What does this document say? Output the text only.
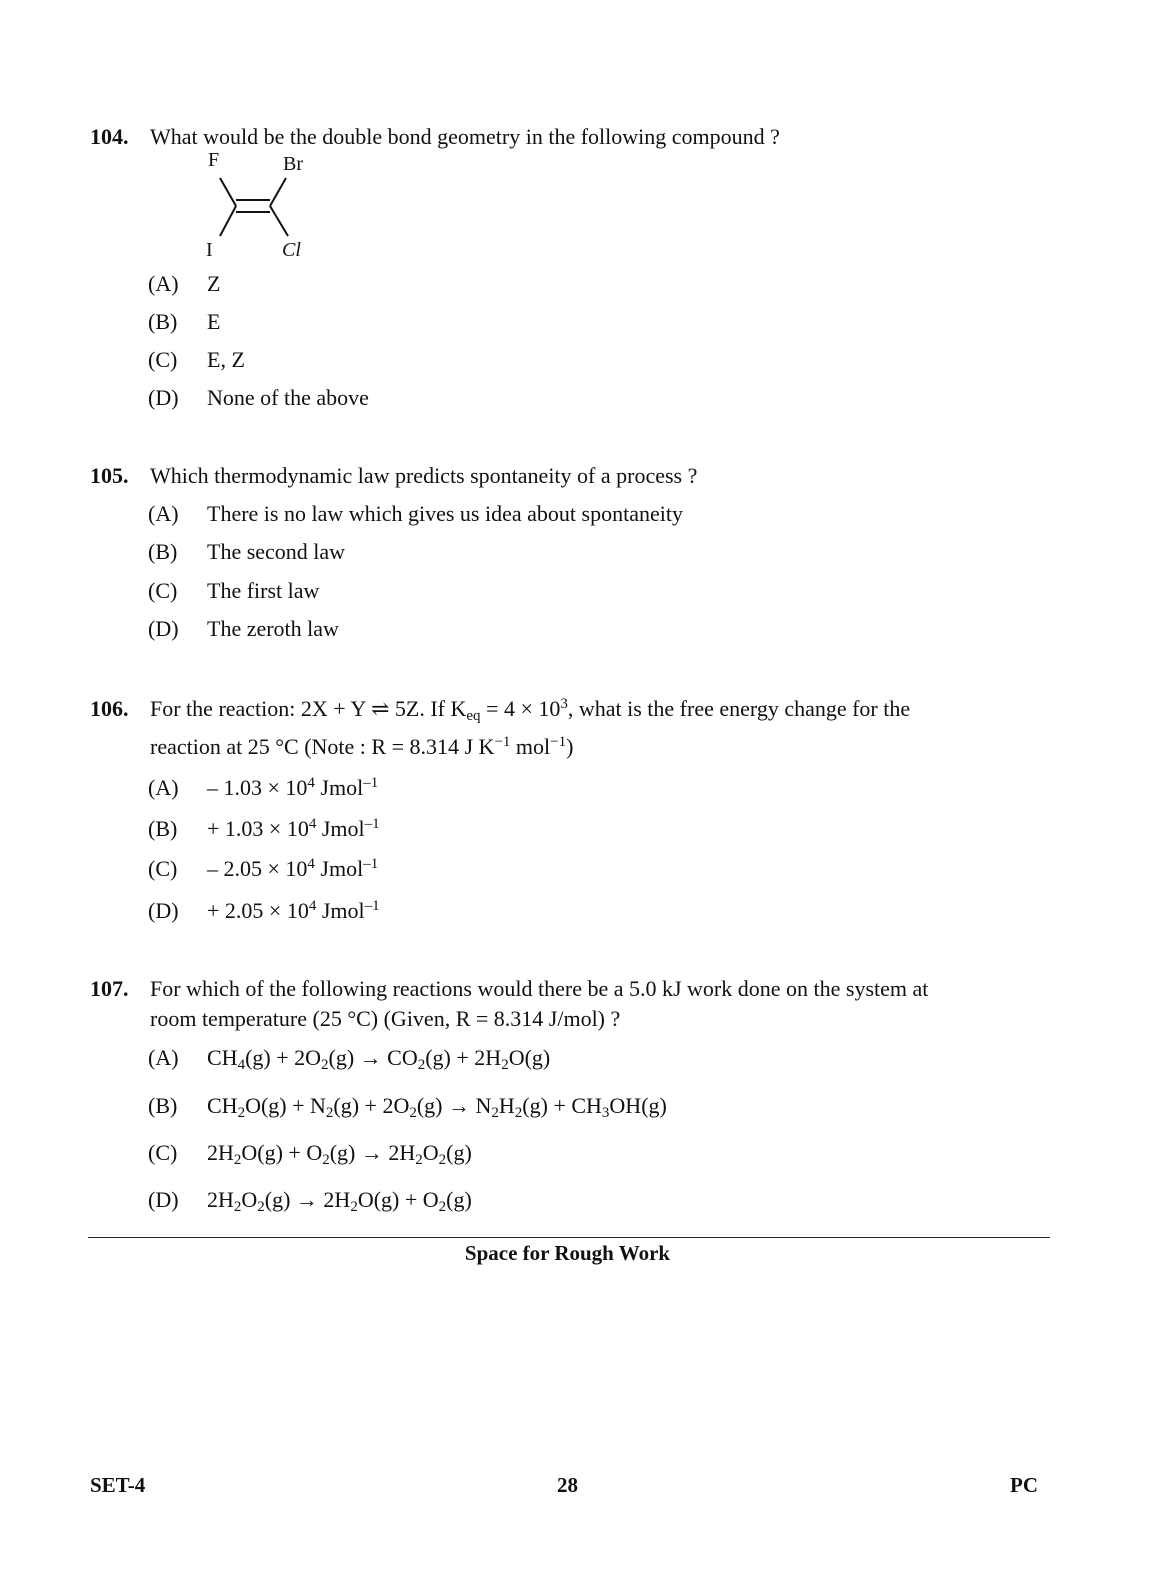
104. What would be the double bond geometry in the following compound ?
F	Br
I	Cl
(A) Z
(B) E
(C) E, Z
(D) None of the above
105. Which thermodynamic law predicts spontaneity of a process ?
(A) There is no law which gives us idea about spontaneity
(B) The second law
(C) The first law
(D) The zeroth law
106. For the reaction: 2X + Y ⇌ 5Z. If $K_{eq} = 4 \times 10^3$, what is the free energy change for the
reaction at 25 °C (Note : R = 8.314 J $K^{-1}$ mol$^{-1}$)
$(A) - 1.03 \times 10^4$ Jmol$^{-1}$
$(B) + 1.03 \times 10^4$ Jmol$^{-1}$
$(C) - 2.05 \times 10^4$ Jmol$^{-1}$
$(D) + 2.05 \times 10^4$ Jmol$^{-1}$
107. For which of the following reactions would there be a 5.0 kJ work done on the system at
room temperature (25 °C) (Given, R = 8.314 J/mol) ?
(A) $CH_4(g) + 2O_2(g) \to CO_2(g) + 2H_2O(g)$
(B) $CH_2O(g) + N_2(g) + 2O_2(g) \to N_2H_2(g) + CH_3OH(g)$
(C) $2H_2O(g) + O_2(g) \to 2H_2O_2(g)$
(D) $2H_2O_2(g) \to 2H_2O(g) + O_2(g)$
Space for Rough Work
SET-4	28	PC
